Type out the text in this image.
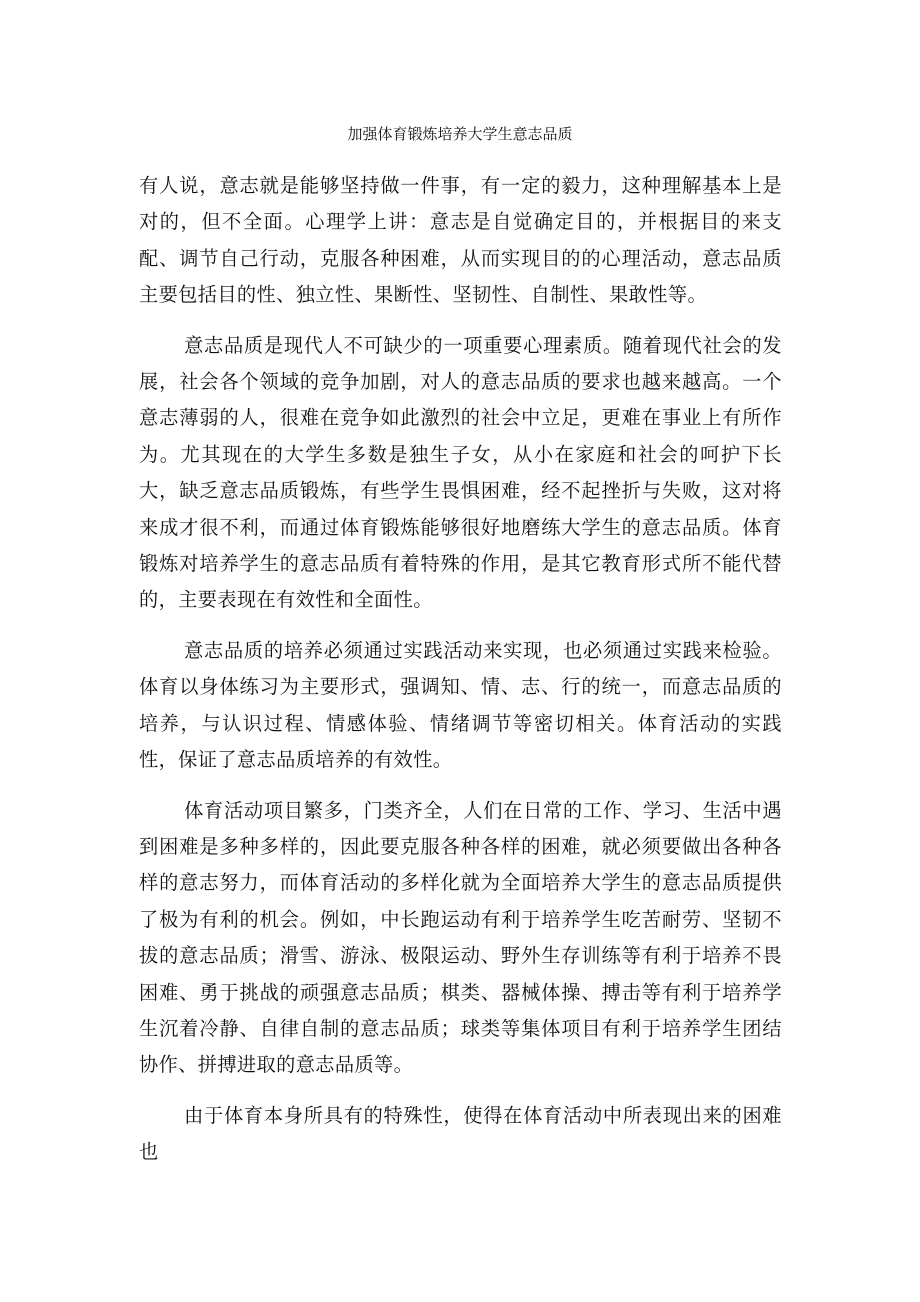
加强体育锻炼培养大学生意志品质

有人说，意志就是能够坚持做一件事，有一定的毅力，这种理解基本上是对的，但不全面。心理学上讲：意志是自觉确定目的，并根据目的来支配、调节自己行动，克服各种困难，从而实现目的的心理活动，意志品质主要包括目的性、独立性、果断性、坚韧性、自制性、果敢性等。

意志品质是现代人不可缺少的一项重要心理素质。随着现代社会的发展，社会各个领域的竞争加剧，对人的意志品质的要求也越来越高。一个意志薄弱的人，很难在竞争如此激烈的社会中立足，更难在事业上有所作为。尤其现在的大学生多数是独生子女，从小在家庭和社会的呵护下长大，缺乏意志品质锻炼，有些学生畏惧困难，经不起挫折与失败，这对将来成才很不利，而通过体育锻炼能够很好地磨练大学生的意志品质。体育锻炼对培养学生的意志品质有着特殊的作用，是其它教育形式所不能代替的，主要表现在有效性和全面性。

意志品质的培养必须通过实践活动来实现，也必须通过实践来检验。体育以身体练习为主要形式，强调知、情、志、行的统一，而意志品质的培养，与认识过程、情感体验、情绪调节等密切相关。体育活动的实践性，保证了意志品质培养的有效性。

体育活动项目繁多，门类齐全，人们在日常的工作、学习、生活中遇到困难是多种多样的，因此要克服各种各样的困难，就必须要做出各种各样的意志努力，而体育活动的多样化就为全面培养大学生的意志品质提供了极为有利的机会。例如，中长跑运动有利于培养学生吃苦耐劳、坚韧不拔的意志品质；滑雪、游泳、极限运动、野外生存训练等有利于培养不畏困难、勇于挑战的顽强意志品质；棋类、器械体操、搏击等有利于培养学生沉着冷静、自律自制的意志品质；球类等集体项目有利于培养学生团结协作、拼搏进取的意志品质等。

由于体育本身所具有的特殊性，使得在体育活动中所表现出来的困难也
